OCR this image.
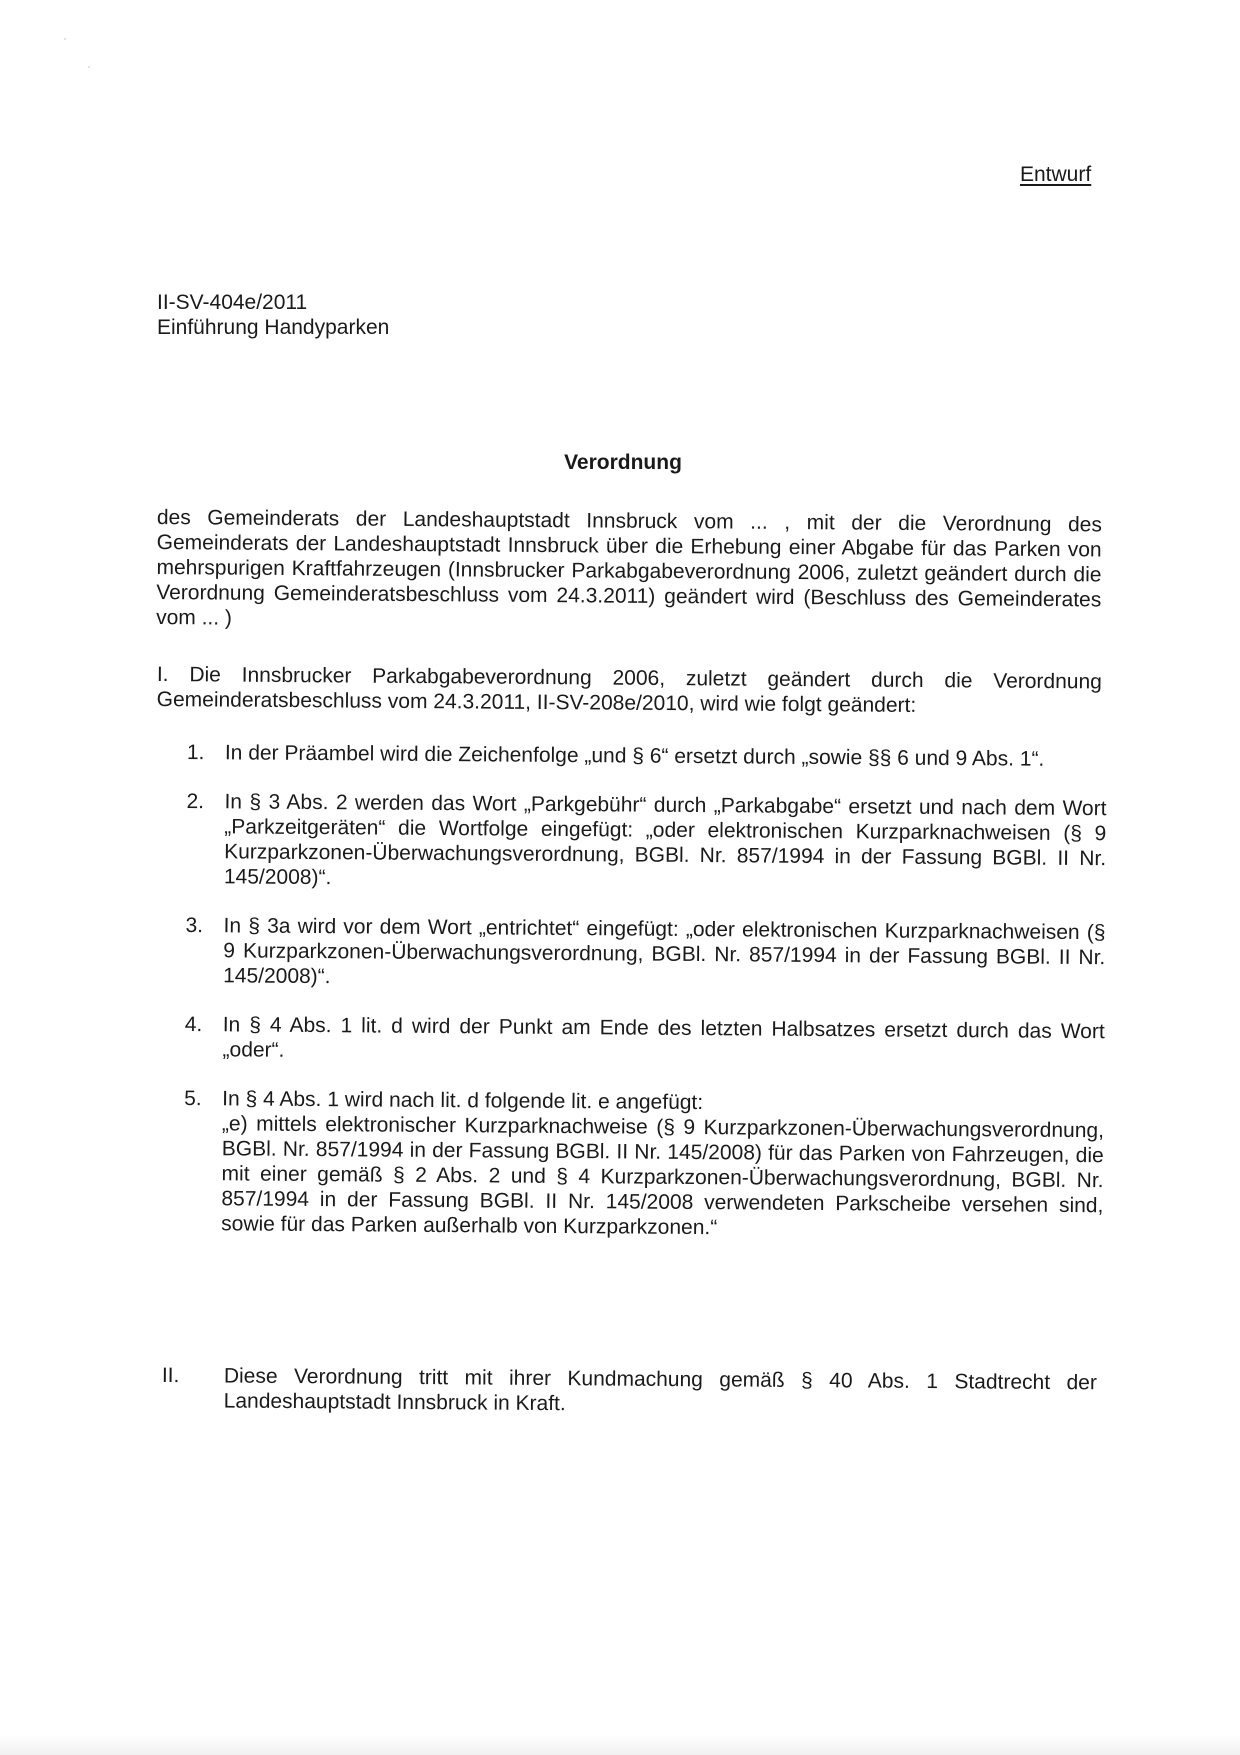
Entwurf
II-SV-404e/2011
Einführung Handyparken
Verordnung
des Gemeinderats der Landeshauptstadt Innsbruck vom ... , mit der die Verordnung des Gemeinderats der Landeshauptstadt Innsbruck über die Erhebung einer Abgabe für das Parken von mehrspurigen Kraftfahrzeugen (Innsbrucker Parkabgabeverordnung 2006, zuletzt geändert durch die Verordnung Gemeinderatsbeschluss vom 24.3.2011) geändert wird (Beschluss des Gemeinderates vom ... )
I. Die Innsbrucker Parkabgabeverordnung 2006, zuletzt geändert durch die Verordnung Gemeinderatsbeschluss vom 24.3.2011, II-SV-208e/2010, wird wie folgt geändert:
1. In der Präambel wird die Zeichenfolge „und § 6“ ersetzt durch „sowie §§ 6 und 9 Abs. 1“.
2. In § 3 Abs. 2 werden das Wort „Parkgebühr“ durch „Parkabgabe“ ersetzt und nach dem Wort „Parkzeitgeräten“ die Wortfolge eingefügt: „oder elektronischen Kurzparknachweisen (§ 9 Kurzparkzonen-Überwachungsverordnung, BGBl. Nr. 857/1994 in der Fassung BGBl. II Nr. 145/2008)“.
3. In § 3a wird vor dem Wort „entrichtet“ eingefügt: „oder elektronischen Kurzparknachweisen (§ 9 Kurzparkzonen-Überwachungsverordnung, BGBl. Nr. 857/1994 in der Fassung BGBl. II Nr. 145/2008)“.
4. In § 4 Abs. 1 lit. d wird der Punkt am Ende des letzten Halbsatzes ersetzt durch das Wort „oder“.
5. In § 4 Abs. 1 wird nach lit. d folgende lit. e angefügt:
„e) mittels elektronischer Kurzparknachweise (§ 9 Kurzparkzonen-Überwachungsverordnung, BGBl. Nr. 857/1994 in der Fassung BGBl. II Nr. 145/2008) für das Parken von Fahrzeugen, die mit einer gemäß § 2 Abs. 2 und § 4 Kurzparkzonen-Überwachungsverordnung, BGBl. Nr. 857/1994 in der Fassung BGBl. II Nr. 145/2008 verwendeten Parkscheibe versehen sind, sowie für das Parken außerhalb von Kurzparkzonen.“
II. Diese Verordnung tritt mit ihrer Kundmachung gemäß § 40 Abs. 1 Stadtrecht der Landeshauptstadt Innsbruck in Kraft.
